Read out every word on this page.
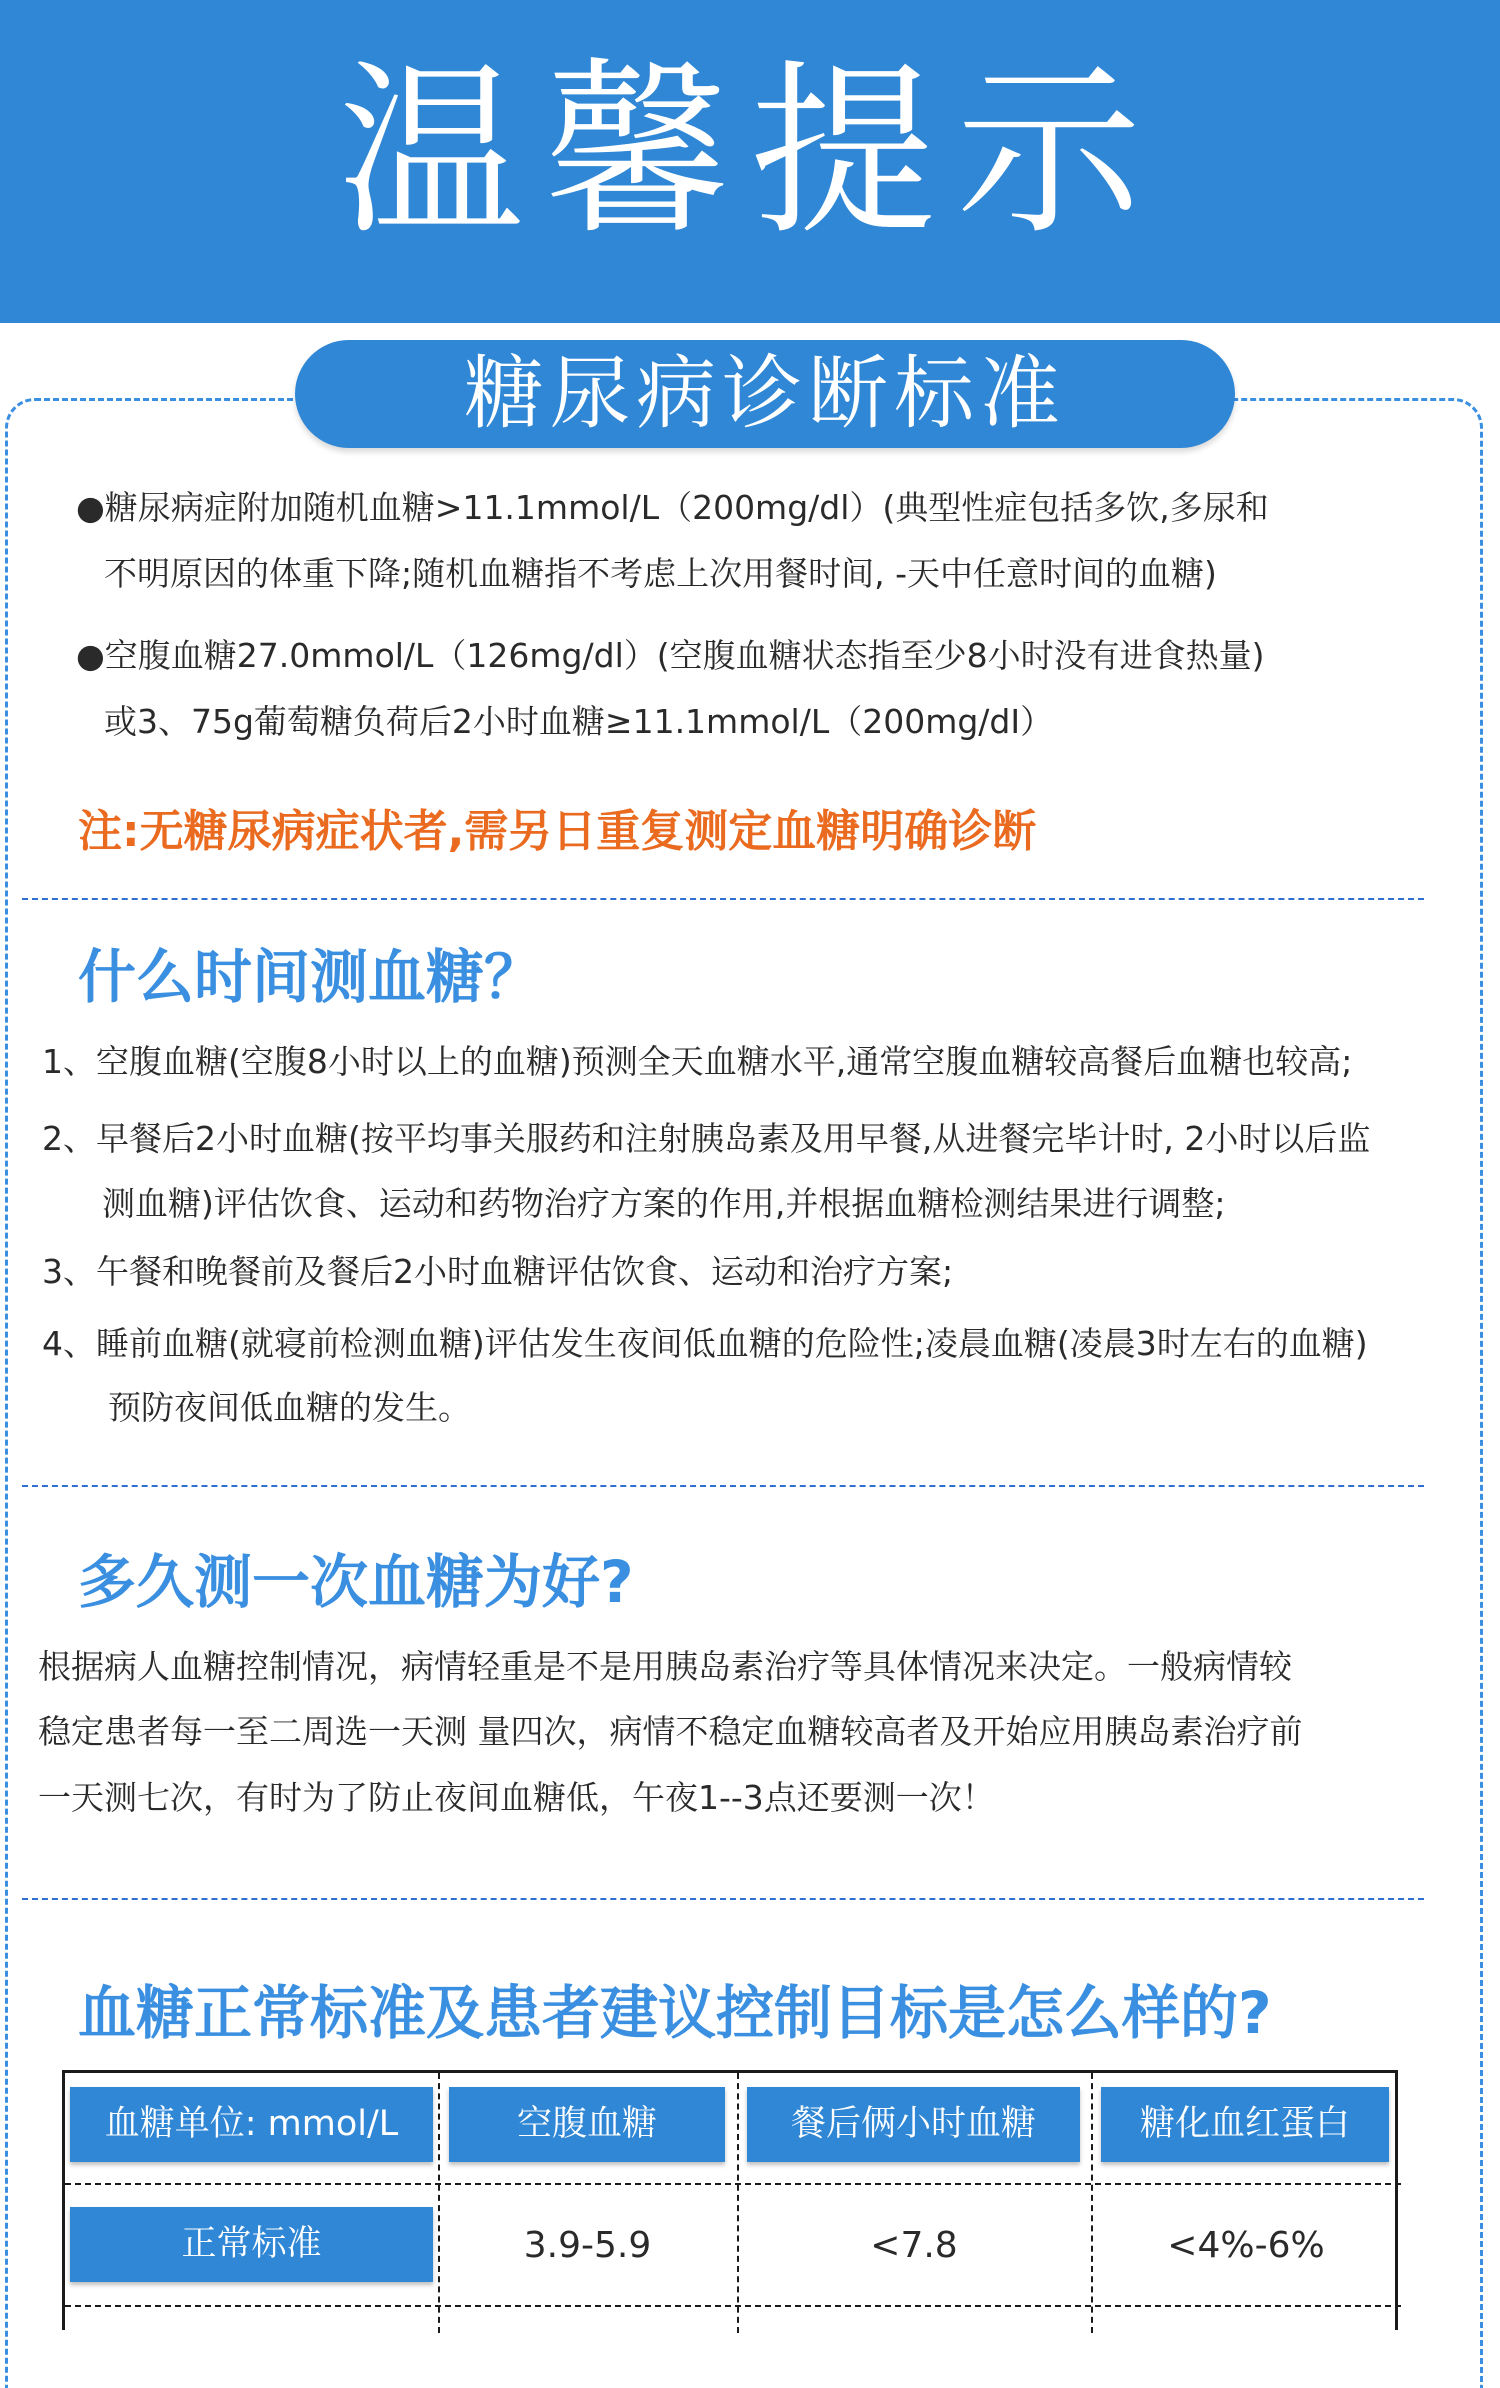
温馨提示
糖尿病诊断标准
●糖尿病症附加随机血糖>11.1mmol/L（200mg/dl）(典型性症包括多饮,多尿和
不明原因的体重下降;随机血糖指不考虑上次用餐时间, -天中任意时间的血糖)
●空腹血糖27.0mmol/L（126mg/dl）(空腹血糖状态指至少8小时没有进食热量)
或3、75g葡萄糖负荷后2小时血糖≥11.1mmol/L（200mg/dI）
注:无糖尿病症状者,需另日重复测定血糖明确诊断
什么时间测血糖？
1、空腹血糖(空腹8小时以上的血糖)预测全天血糖水平,通常空腹血糖较高餐后血糖也较高;
2、早餐后2小时血糖(按平均事关服药和注射胰岛素及用早餐,从进餐完毕计时, 2小时以后监
测血糖)评估饮食、运动和药物治疗方案的作用,并根据血糖检测结果进行调整;
3、午餐和晚餐前及餐后2小时血糖评估饮食、运动和治疗方案;
4、睡前血糖(就寝前检测血糖)评估发生夜间低血糖的危险性;凌晨血糖(凌晨3时左右的血糖)
预防夜间低血糖的发生。
多久测一次血糖为好?
根据病人血糖控制情况，病情轻重是不是用胰岛素治疗等具体情况来决定。一般病情较
稳定患者每一至二周选一天测 量四次，病情不稳定血糖较高者及开始应用胰岛素治疗前
一天测七次，有时为了防止夜间血糖低，午夜1--3点还要测一次！
血糖正常标准及患者建议控制目标是怎么样的?
血糖单位: mmol/L	空腹血糖	餐后俩小时血糖	糖化血红蛋白
正常标准	3.9-5.9	<7.8	<4%-6%
